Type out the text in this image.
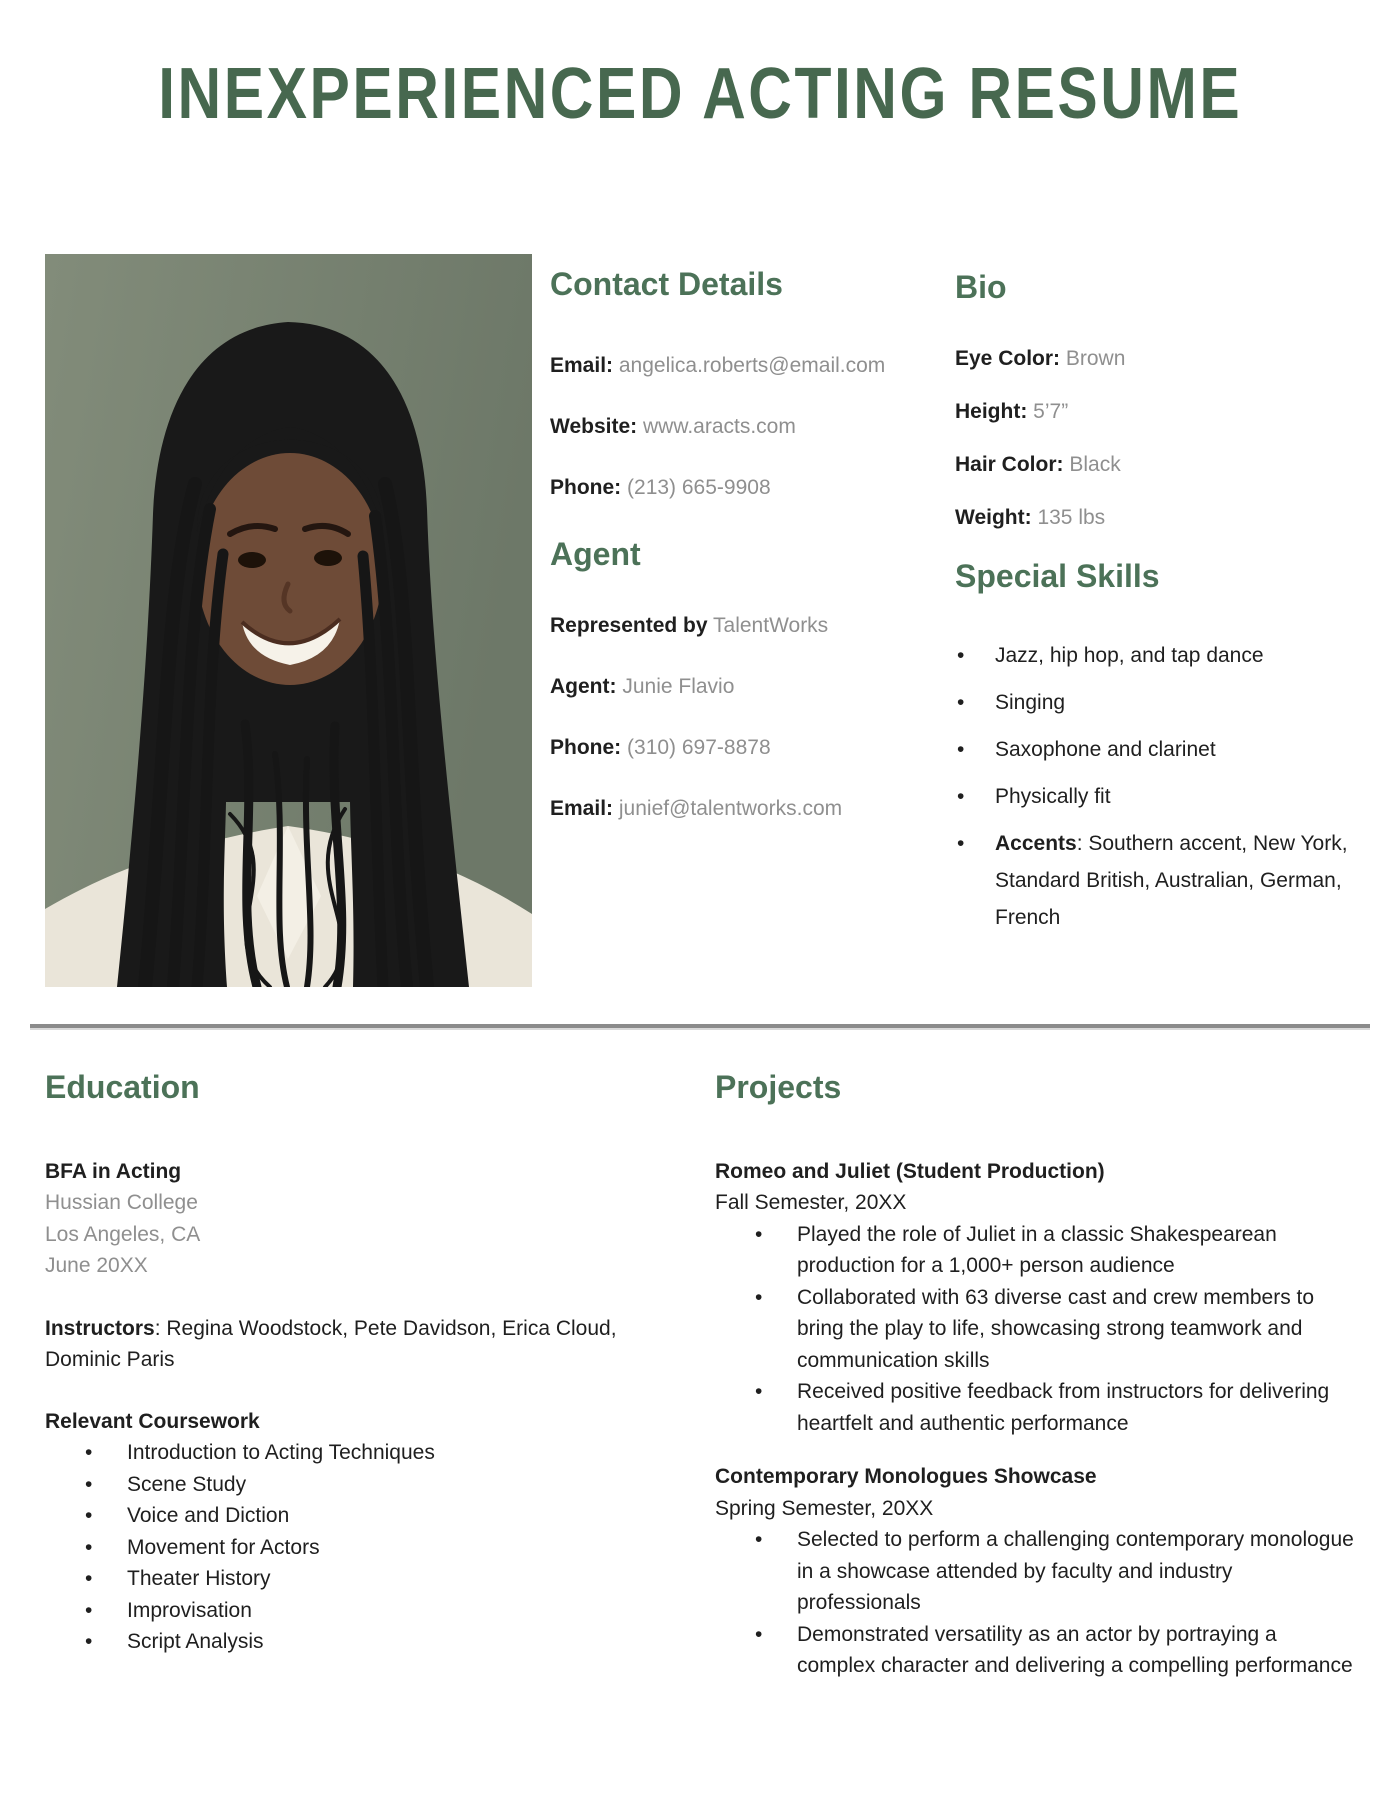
INEXPERIENCED ACTING RESUME
Contact Details

Email: angelica.roberts@email.com

Website: www.aracts.com

Phone: (213) 665-9908

Agent

Represented by TalentWorks

Agent: Junie Flavio

Phone: (310) 697-8878

Email: junief@talentworks.com

Bio

Eye Color: Brown

Height: 5’7”

Hair Color: Black

Weight: 135 lbs

Special Skills
• Jazz, hip hop, and tap dance
• Singing
• Saxophone and clarinet
• Physically fit
• Accents: Southern accent, New York, Standard British, Australian, German, French
Education

BFA in Acting

Hussian College

Los Angeles, CA

June 20XX

Instructors: Regina Woodstock, Pete Davidson, Erica Cloud, Dominic Paris

Relevant Coursework

• Introduction to Acting Techniques
• Scene Study
• Voice and Diction
• Movement for Actors
• Theater History
• Improvisation
• Script Analysis
Projects

Romeo and Juliet (Student Production)

Fall Semester, 20XX

• Played the role of Juliet in a classic Shakespearean production for a 1,000+ person audience
• Collaborated with 63 diverse cast and crew members to bring the play to life, showcasing strong teamwork and communication skills
• Received positive feedback from instructors for delivering heartfelt and authentic performance

Contemporary Monologues Showcase

Spring Semester, 20XX

• Selected to perform a challenging contemporary monologue in a showcase attended by faculty and industry professionals
• Demonstrated versatility as an actor by portraying a complex character and delivering a compelling performance
